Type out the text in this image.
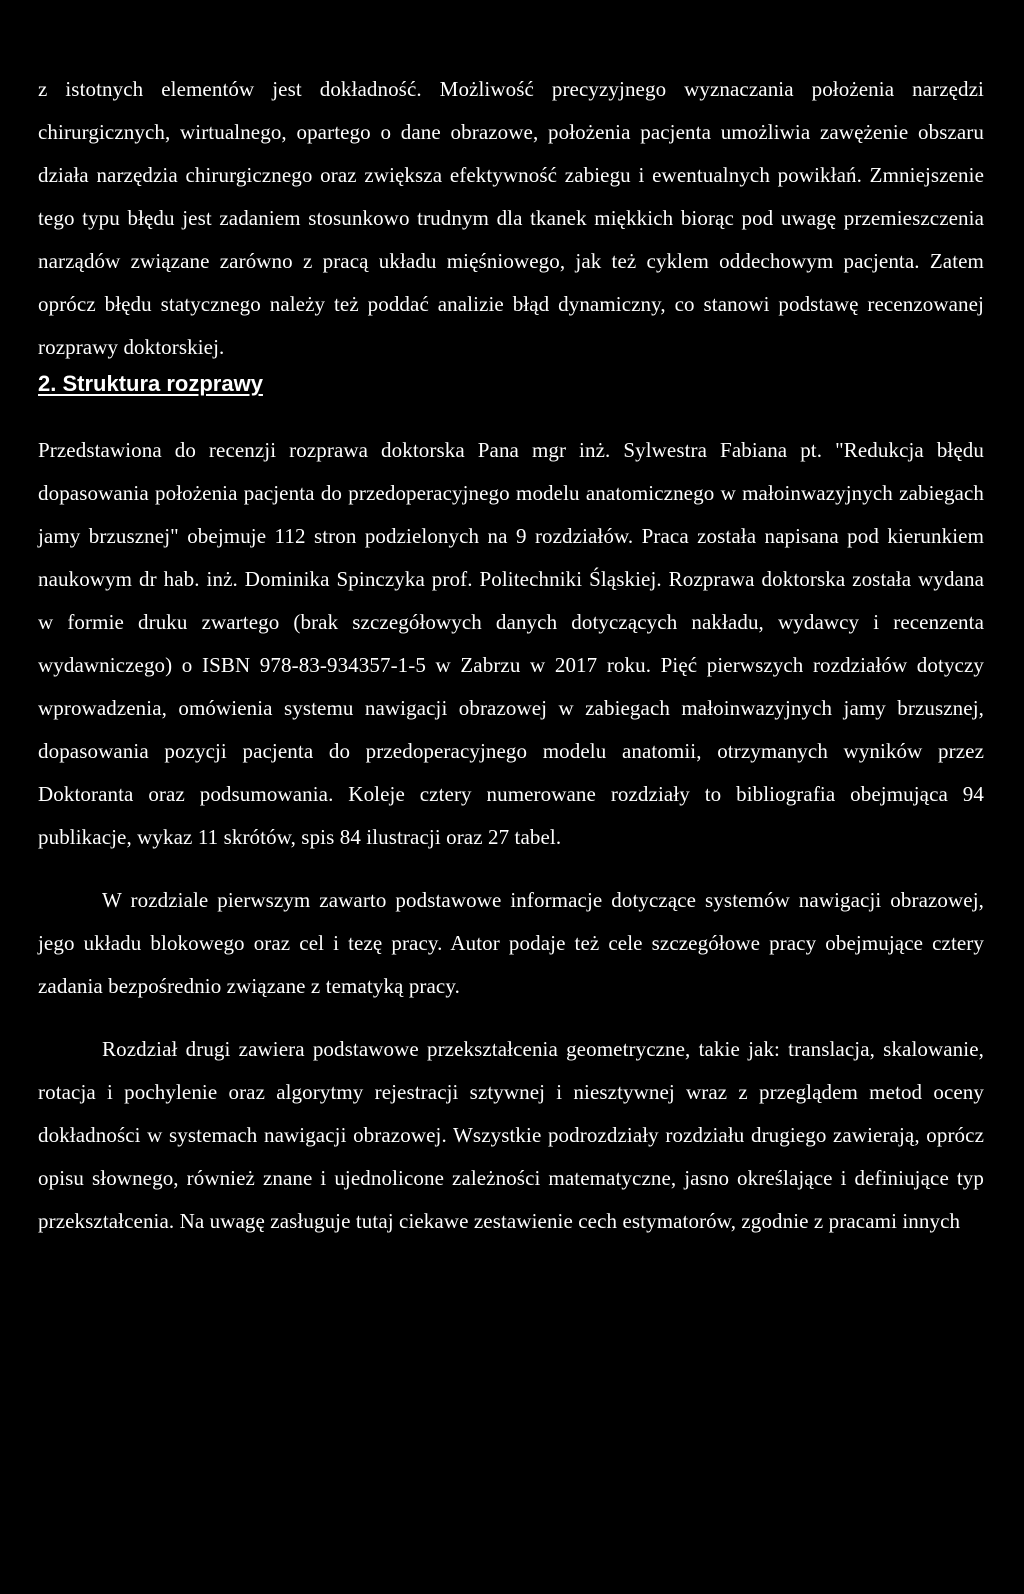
z istotnych elementów jest dokładność. Możliwość precyzyjnego wyznaczania położenia narzędzi chirurgicznych, wirtualnego, opartego o dane obrazowe, położenia pacjenta umożliwia zawężenie obszaru działa narzędzia chirurgicznego oraz zwiększa efektywność zabiegu i ewentualnych powikłań. Zmniejszenie tego typu błędu jest zadaniem stosunkowo trudnym dla tkanek miękkich biorąc pod uwagę przemieszczenia narządów związane zarówno z pracą układu mięśniowego, jak też cyklem oddechowym pacjenta. Zatem oprócz błędu statycznego należy też poddać analizie błąd dynamiczny, co stanowi podstawę recenzowanej rozprawy doktorskiej.

2. Struktura rozprawy

Przedstawiona do recenzji rozprawa doktorska Pana mgr inż. Sylwestra Fabiana pt. "Redukcja błędu dopasowania położenia pacjenta do przedoperacyjnego modelu anatomicznego w małoinwazyjnych zabiegach jamy brzusznej" obejmuje 112 stron podzielonych na 9 rozdziałów. Praca została napisana pod kierunkiem naukowym dr hab. inż. Dominika Spinczyka prof. Politechniki Śląskiej. Rozprawa doktorska została wydana w formie druku zwartego (brak szczegółowych danych dotyczących nakładu, wydawcy i recenzenta wydawniczego) o ISBN 978-83-934357-1-5 w Zabrzu w 2017 roku. Pięć pierwszych rozdziałów dotyczy wprowadzenia, omówienia systemu nawigacji obrazowej w zabiegach małoinwazyjnych jamy brzusznej, dopasowania pozycji pacjenta do przedoperacyjnego modelu anatomii, otrzymanych wyników przez Doktoranta oraz podsumowania. Koleje cztery numerowane rozdziały to bibliografia obejmująca 94 publikacje, wykaz 11 skrótów, spis 84 ilustracji oraz 27 tabel.

W rozdziale pierwszym zawarto podstawowe informacje dotyczące systemów nawigacji obrazowej, jego układu blokowego oraz cel i tezę pracy. Autor podaje też cele szczegółowe pracy obejmujące cztery zadania bezpośrednio związane z tematyką pracy.

Rozdział drugi zawiera podstawowe przekształcenia geometryczne, takie jak: translacja, skalowanie, rotacja i pochylenie oraz algorytmy rejestracji sztywnej i niesztywnej wraz z przeglądem metod oceny dokładności w systemach nawigacji obrazowej. Wszystkie podrozdziały rozdziału drugiego zawierają, oprócz opisu słownego, również znane i ujednolicone zależności matematyczne, jasno określające i definiujące typ przekształcenia. Na uwagę zasługuje tutaj ciekawe zestawienie cech estymatorów, zgodnie z pracami innych
